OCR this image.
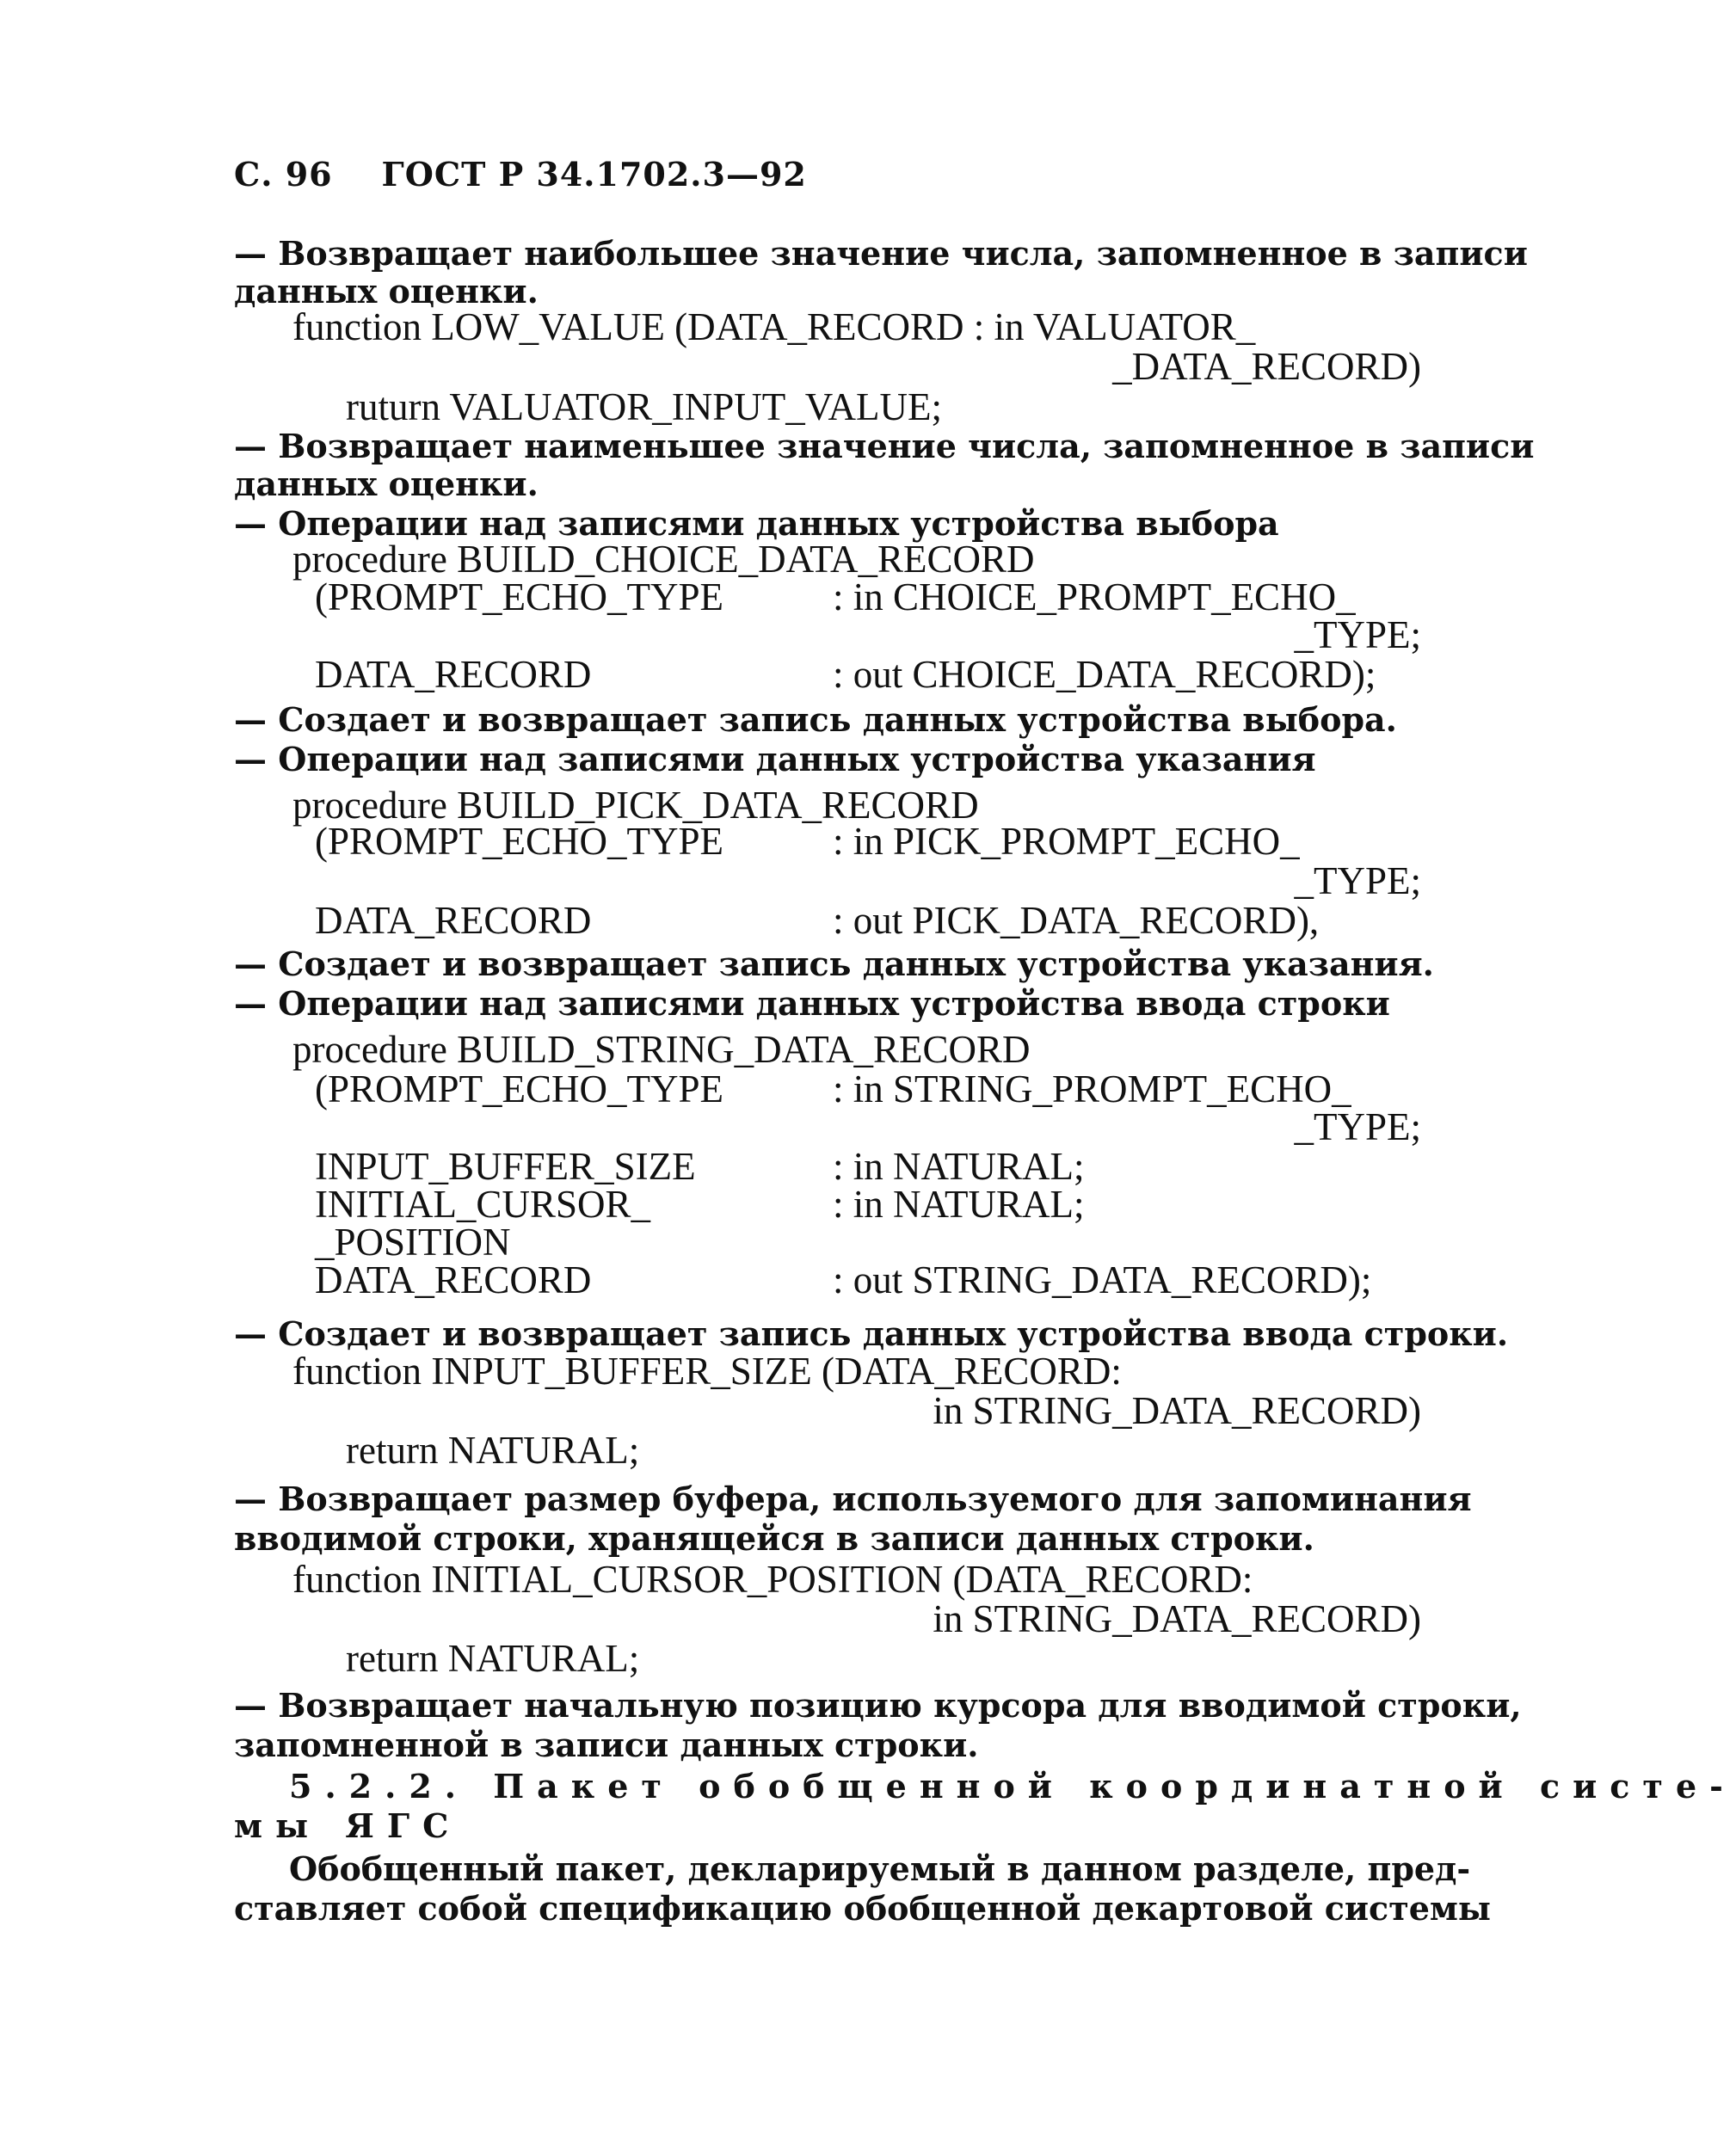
С. 96 ГОСТ Р 34.1702.3—92
— Возвращает наибольшее значение числа, запомненное в записи
данных оценки.
function LOW_VALUE (DATA_RECORD : in VALUATOR_
_DATA_RECORD)
ruturn VALUATOR_INPUT_VALUE;
— Возвращает наименьшее значение числа, запомненное в записи
данных оценки.
— Операции над записями данных устройства выбора
procedure BUILD_CHOICE_DATA_RECORD
(PROMPT_ECHO_TYPE	: in CHOICE_PROMPT_ECHO_
_TYPE;
DATA_RECORD	: out CHOICE_DATA_RECORD);
— Создает и возвращает запись данных устройства выбора.
— Операции над записями данных устройства указания
procedure BUILD_PICK_DATA_RECORD
(PROMPT_ECHO_TYPE	: in PICK_PROMPT_ECHO_
_TYPE;
DATA_RECORD	: out PICK_DATA_RECORD),
— Создает и возвращает запись данных устройства указания.
— Операции над записями данных устройства ввода строки
procedure BUILD_STRING_DATA_RECORD
(PROMPT_ECHO_TYPE	: in STRING_PROMPT_ECHO_
_TYPE;
INPUT_BUFFER_SIZE	: in NATURAL;
INITIAL_CURSOR_	: in NATURAL;
_POSITION
DATA_RECORD	: out STRING_DATA_RECORD);
— Создает и возвращает запись данных устройства ввода строки.
function INPUT_BUFFER_SIZE (DATA_RECORD:
in STRING_DATA_RECORD)
return NATURAL;
— Возвращает размер буфера, используемого для запоминания
вводимой строки, хранящейся в записи данных строки.
function INITIAL_CURSOR_POSITION (DATA_RECORD:
in STRING_DATA_RECORD)
return NATURAL;
— Возвращает начальную позицию курсора для вводимой строки,
запомненной в записи данных строки.
5.2.2. Пакет обобщенной координатной систе-
мы ЯГС
Обобщенный пакет, декларируемый в данном разделе, пред-
ставляет собой спецификацию обобщенной декартовой системы
